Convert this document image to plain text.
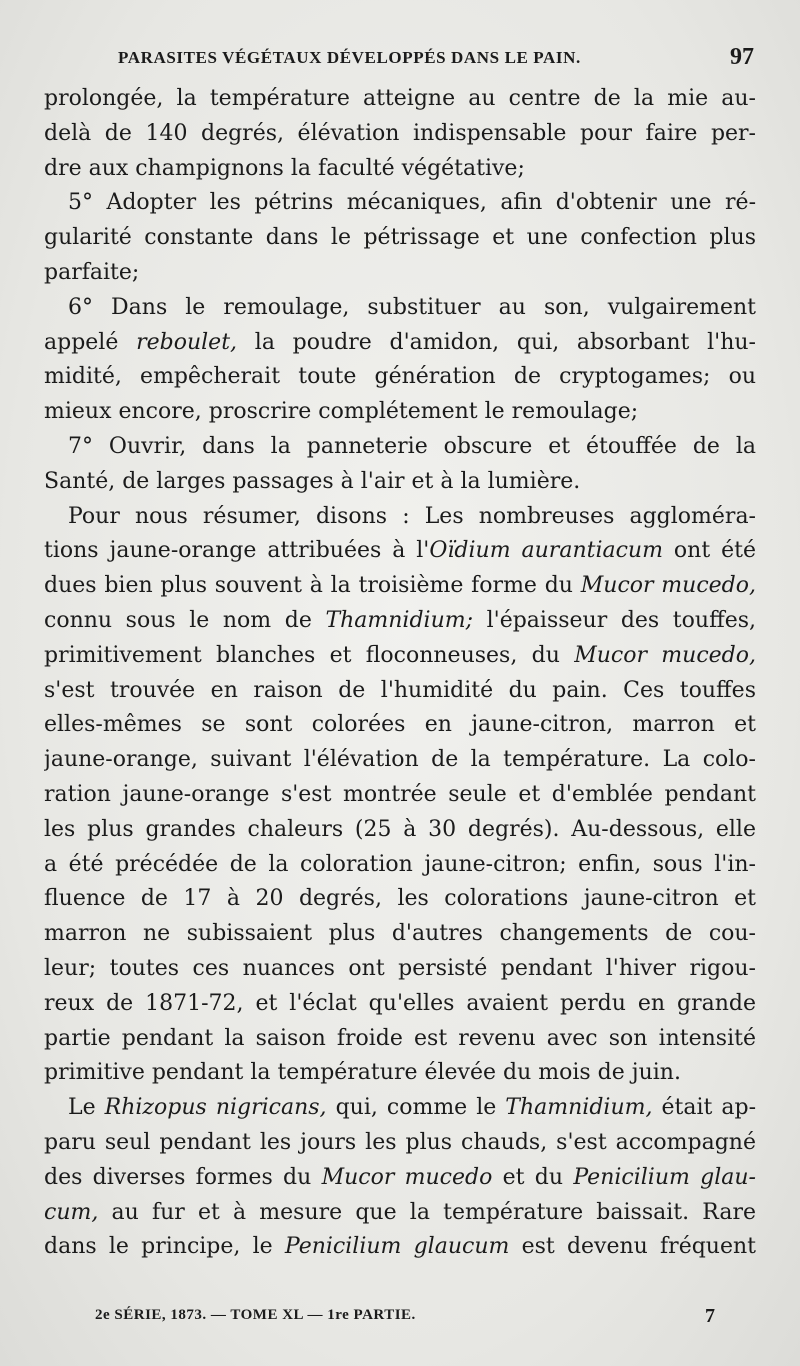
PARASITES VÉGÉTAUX DÉVELOPPÉS DANS LE PAIN.	97
prolongée, la température atteigne au centre de la mie au-
delà de 140 degrés, élévation indispensable pour faire per-
dre aux champignons la faculté végétative;
5° Adopter les pétrins mécaniques, afin d'obtenir une ré-
gularité constante dans le pétrissage et une confection plus
parfaite;
6° Dans le remoulage, substituer au son, vulgairement
appelé reboulet, la poudre d'amidon, qui, absorbant l'hu-
midité, empêcherait toute génération de cryptogames; ou
mieux encore, proscrire complétement le remoulage;
7° Ouvrir, dans la panneterie obscure et étouffée de la
Santé, de larges passages à l'air et à la lumière.
Pour nous résumer, disons : Les nombreuses aggloméra-
tions jaune-orange attribuées à l'Oïdium aurantiacum ont été
dues bien plus souvent à la troisième forme du Mucor mucedo,
connu sous le nom de Thamnidium; l'épaisseur des touffes,
primitivement blanches et floconneuses, du Mucor mucedo,
s'est trouvée en raison de l'humidité du pain. Ces touffes
elles-mêmes se sont colorées en jaune-citron, marron et
jaune-orange, suivant l'élévation de la température. La colo-
ration jaune-orange s'est montrée seule et d'emblée pendant
les plus grandes chaleurs (25 à 30 degrés). Au-dessous, elle
a été précédée de la coloration jaune-citron; enfin, sous l'in-
fluence de 17 à 20 degrés, les colorations jaune-citron et
marron ne subissaient plus d'autres changements de cou-
leur; toutes ces nuances ont persisté pendant l'hiver rigou-
reux de 1871-72, et l'éclat qu'elles avaient perdu en grande
partie pendant la saison froide est revenu avec son intensité
primitive pendant la température élevée du mois de juin.
Le Rhizopus nigricans, qui, comme le Thamnidium, était ap-
paru seul pendant les jours les plus chauds, s'est accompagné
des diverses formes du Mucor mucedo et du Penicilium glau-
cum, au fur et à mesure que la température baissait. Rare
dans le principe, le Penicilium glaucum est devenu fréquent
2e SÉRIE, 1873. — TOME XL — 1re PARTIE.	7
